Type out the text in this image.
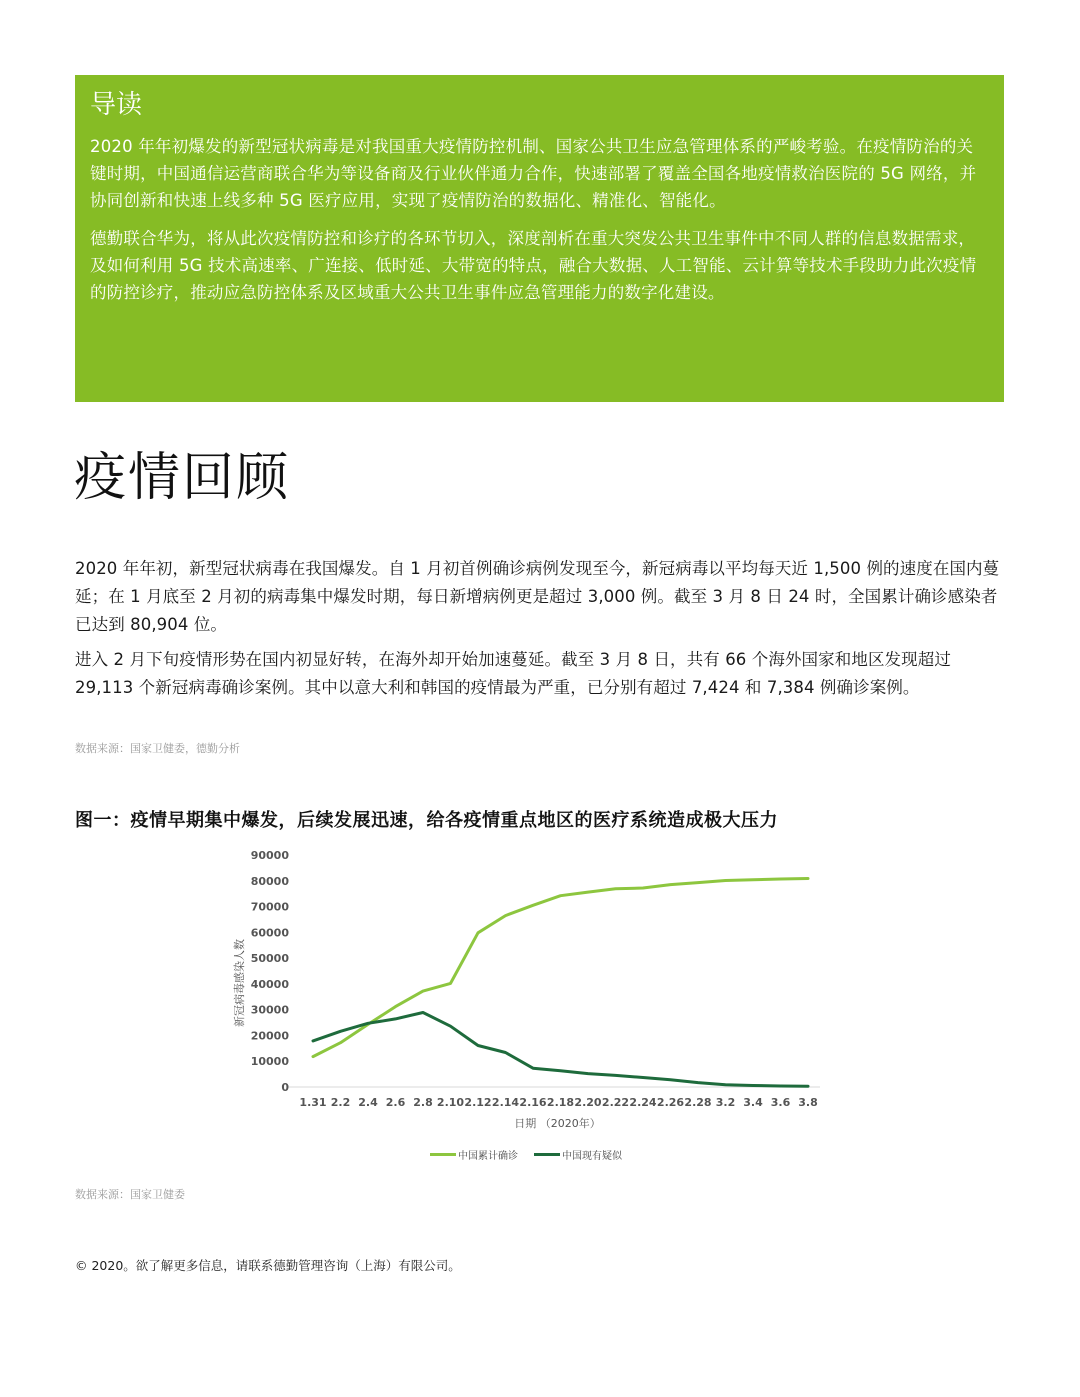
导读

2020 年年初爆发的新型冠状病毒是对我国重大疫情防控机制、国家公共卫生应急管理体系的严峻考验。在疫情防治的关键时期，中国通信运营商联合华为等设备商及行业伙伴通力合作，快速部署了覆盖全国各地疫情救治医院的 5G 网络，并协同创新和快速上线多种 5G 医疗应用，实现了疫情防治的数据化、精准化、智能化。

德勤联合华为，将从此次疫情防控和诊疗的各环节切入，深度剖析在重大突发公共卫生事件中不同人群的信息数据需求，及如何利用 5G 技术高速率、广连接、低时延、大带宽的特点，融合大数据、人工智能、云计算等技术手段助力此次疫情的防控诊疗，推动应急防控体系及区域重大公共卫生事件应急管理能力的数字化建设。

疫情回顾

2020 年年初，新型冠状病毒在我国爆发。自 1 月初首例确诊病例发现至今，新冠病毒以平均每天近 1,500 例的速度在国内蔓延；在 1 月底至 2 月初的病毒集中爆发时期，每日新增病例更是超过 3,000 例。截至 3 月 8 日 24 时，全国累计确诊感染者已达到 80,904 位。

进入 2 月下旬疫情形势在国内初显好转，在海外却开始加速蔓延。截至 3 月 8 日，共有 66 个海外国家和地区发现超过 29,113 个新冠病毒确诊案例。其中以意大利和韩国的疫情最为严重，已分别有超过 7,424 和 7,384 例确诊案例。

数据来源：国家卫健委，德勤分析
图一：疫情早期集中爆发，后续发展迅速，给各疫情重点地区的医疗系统造成极大压力
0
10000
20000
30000
40000
50000
60000
70000
80000
90000
1.31 2.2 2.4 2.6 2.8 2.10 2.12 2.14 2.16 2.18 2.20 2.22 2.24 2.26 2.28 3.2 3.4 3.6 3.8
日期 （2020年）
新冠病毒感染人数
中国累计确诊	中国现有疑似
数据来源：国家卫健委
© 2020。欲了解更多信息，请联系德勤管理咨询（上海）有限公司。
